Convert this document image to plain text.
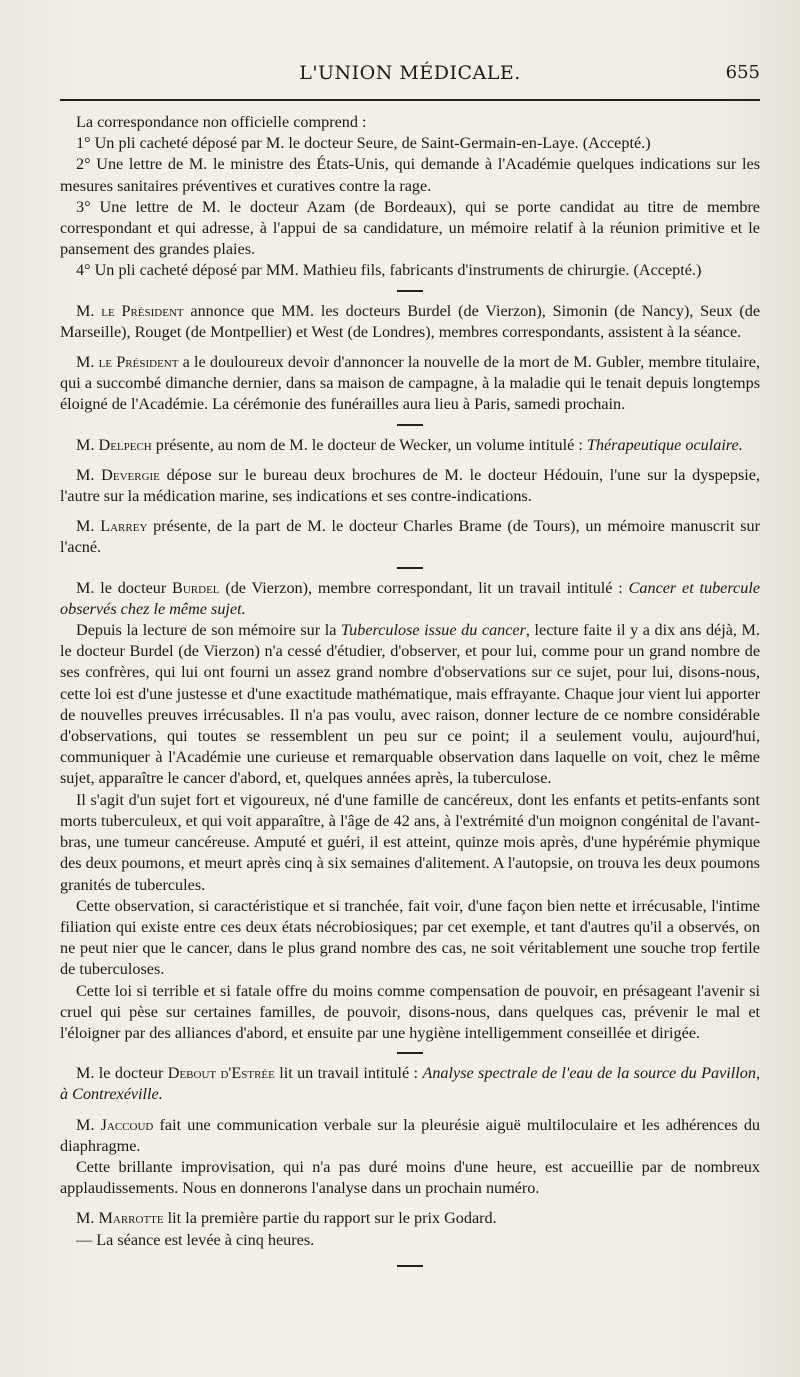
L'UNION MÉDICALE.	655

La correspondance non officielle comprend :

1° Un pli cacheté déposé par M. le docteur Seure, de Saint-Germain-en-Laye. (Accepté.)

2° Une lettre de M. le ministre des États-Unis, qui demande à l'Académie quelques indications sur les mesures sanitaires préventives et curatives contre la rage.

3° Une lettre de M. le docteur Azam (de Bordeaux), qui se porte candidat au titre de membre correspondant et qui adresse, à l'appui de sa candidature, un mémoire relatif à la réunion primitive et le pansement des grandes plaies.

4° Un pli cacheté déposé par MM. Mathieu fils, fabricants d'instruments de chirurgie. (Accepté.)

M. le Président annonce que MM. les docteurs Burdel (de Vierzon), Simonin (de Nancy), Seux (de Marseille), Rouget (de Montpellier) et West (de Londres), membres correspondants, assistent à la séance.

M. le Président a le douloureux devoir d'annoncer la nouvelle de la mort de M. Gubler, membre titulaire, qui a succombé dimanche dernier, dans sa maison de campagne, à la maladie qui le tenait depuis longtemps éloigné de l'Académie. La cérémonie des funérailles aura lieu à Paris, samedi prochain.

M. Delpech présente, au nom de M. le docteur de Wecker, un volume intitulé : Thérapeutique oculaire.

M. Devergie dépose sur le bureau deux brochures de M. le docteur Hédouin, l'une sur la dyspepsie, l'autre sur la médication marine, ses indications et ses contre-indications.

M. Larrey présente, de la part de M. le docteur Charles Brame (de Tours), un mémoire manuscrit sur l'acné.

M. le docteur Burdel (de Vierzon), membre correspondant, lit un travail intitulé : Cancer et tubercule observés chez le même sujet.

Depuis la lecture de son mémoire sur la Tuberculose issue du cancer, lecture faite il y a dix ans déjà, M. le docteur Burdel (de Vierzon) n'a cessé d'étudier, d'observer, et pour lui, comme pour un grand nombre de ses confrères, qui lui ont fourni un assez grand nombre d'observations sur ce sujet, pour lui, disons-nous, cette loi est d'une justesse et d'une exactitude mathématique, mais effrayante. Chaque jour vient lui apporter de nouvelles preuves irrécusables. Il n'a pas voulu, avec raison, donner lecture de ce nombre considérable d'observations, qui toutes se ressemblent un peu sur ce point; il a seulement voulu, aujourd'hui, communiquer à l'Académie une curieuse et remarquable observation dans laquelle on voit, chez le même sujet, apparaître le cancer d'abord, et, quelques années après, la tuberculose.

Il s'agit d'un sujet fort et vigoureux, né d'une famille de cancéreux, dont les enfants et petits-enfants sont morts tuberculeux, et qui voit apparaître, à l'âge de 42 ans, à l'extrémité d'un moignon congénital de l'avant-bras, une tumeur cancéreuse. Amputé et guéri, il est atteint, quinze mois après, d'une hypérémie phymique des deux poumons, et meurt après cinq à six semaines d'alitement. A l'autopsie, on trouva les deux poumons granités de tubercules.

Cette observation, si caractéristique et si tranchée, fait voir, d'une façon bien nette et irrécusable, l'intime filiation qui existe entre ces deux états nécrobiosiques; par cet exemple, et tant d'autres qu'il a observés, on ne peut nier que le cancer, dans le plus grand nombre des cas, ne soit véritablement une souche trop fertile de tuberculoses.

Cette loi si terrible et si fatale offre du moins comme compensation de pouvoir, en présageant l'avenir si cruel qui pèse sur certaines familles, de pouvoir, disons-nous, dans quelques cas, prévenir le mal et l'éloigner par des alliances d'abord, et ensuite par une hygiène intelligemment conseillée et dirigée.

M. le docteur Debout d'Estrée lit un travail intitulé : Analyse spectrale de l'eau de la source du Pavillon, à Contrexéville.

M. Jaccoud fait une communication verbale sur la pleurésie aiguë multiloculaire et les adhérences du diaphragme.

Cette brillante improvisation, qui n'a pas duré moins d'une heure, est accueillie par de nombreux applaudissements. Nous en donnerons l'analyse dans un prochain numéro.

M. Marrotte lit la première partie du rapport sur le prix Godard.

— La séance est levée à cinq heures.
